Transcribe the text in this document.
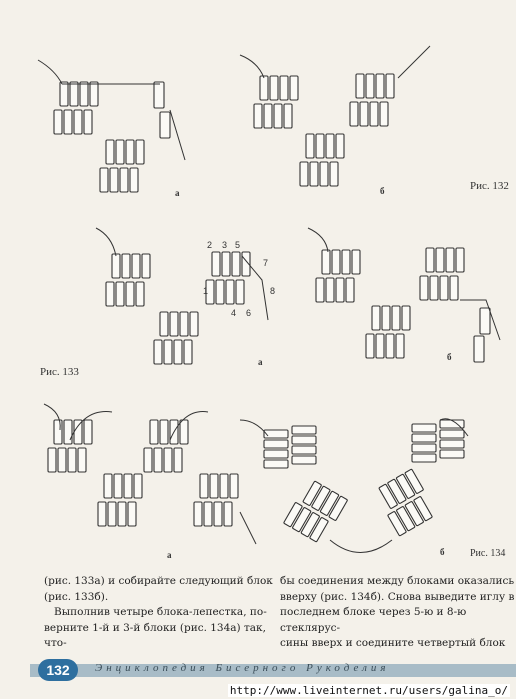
а	б	Рис. 132
2 3 5
7
1	8
4 6
Рис. 133
а	б
а	б	Рис. 134

(рис. 133а) и собирайте следующий блок

(рис. 133б).

Выполнив четыре блока-лепестка, по-

верните 1-й и 3-й блоки (рис. 134а) так, что-

бы соединения между блоками оказались

вверху (рис. 134б). Снова выведите иглу в

последнем блоке через 5-ю и 8-ю стеклярус-

сины вверх и соедините четвертый блок

132	Энциклопедия Бисерного Рукоделия
http://www.liveinternet.ru/users/galina_o/
